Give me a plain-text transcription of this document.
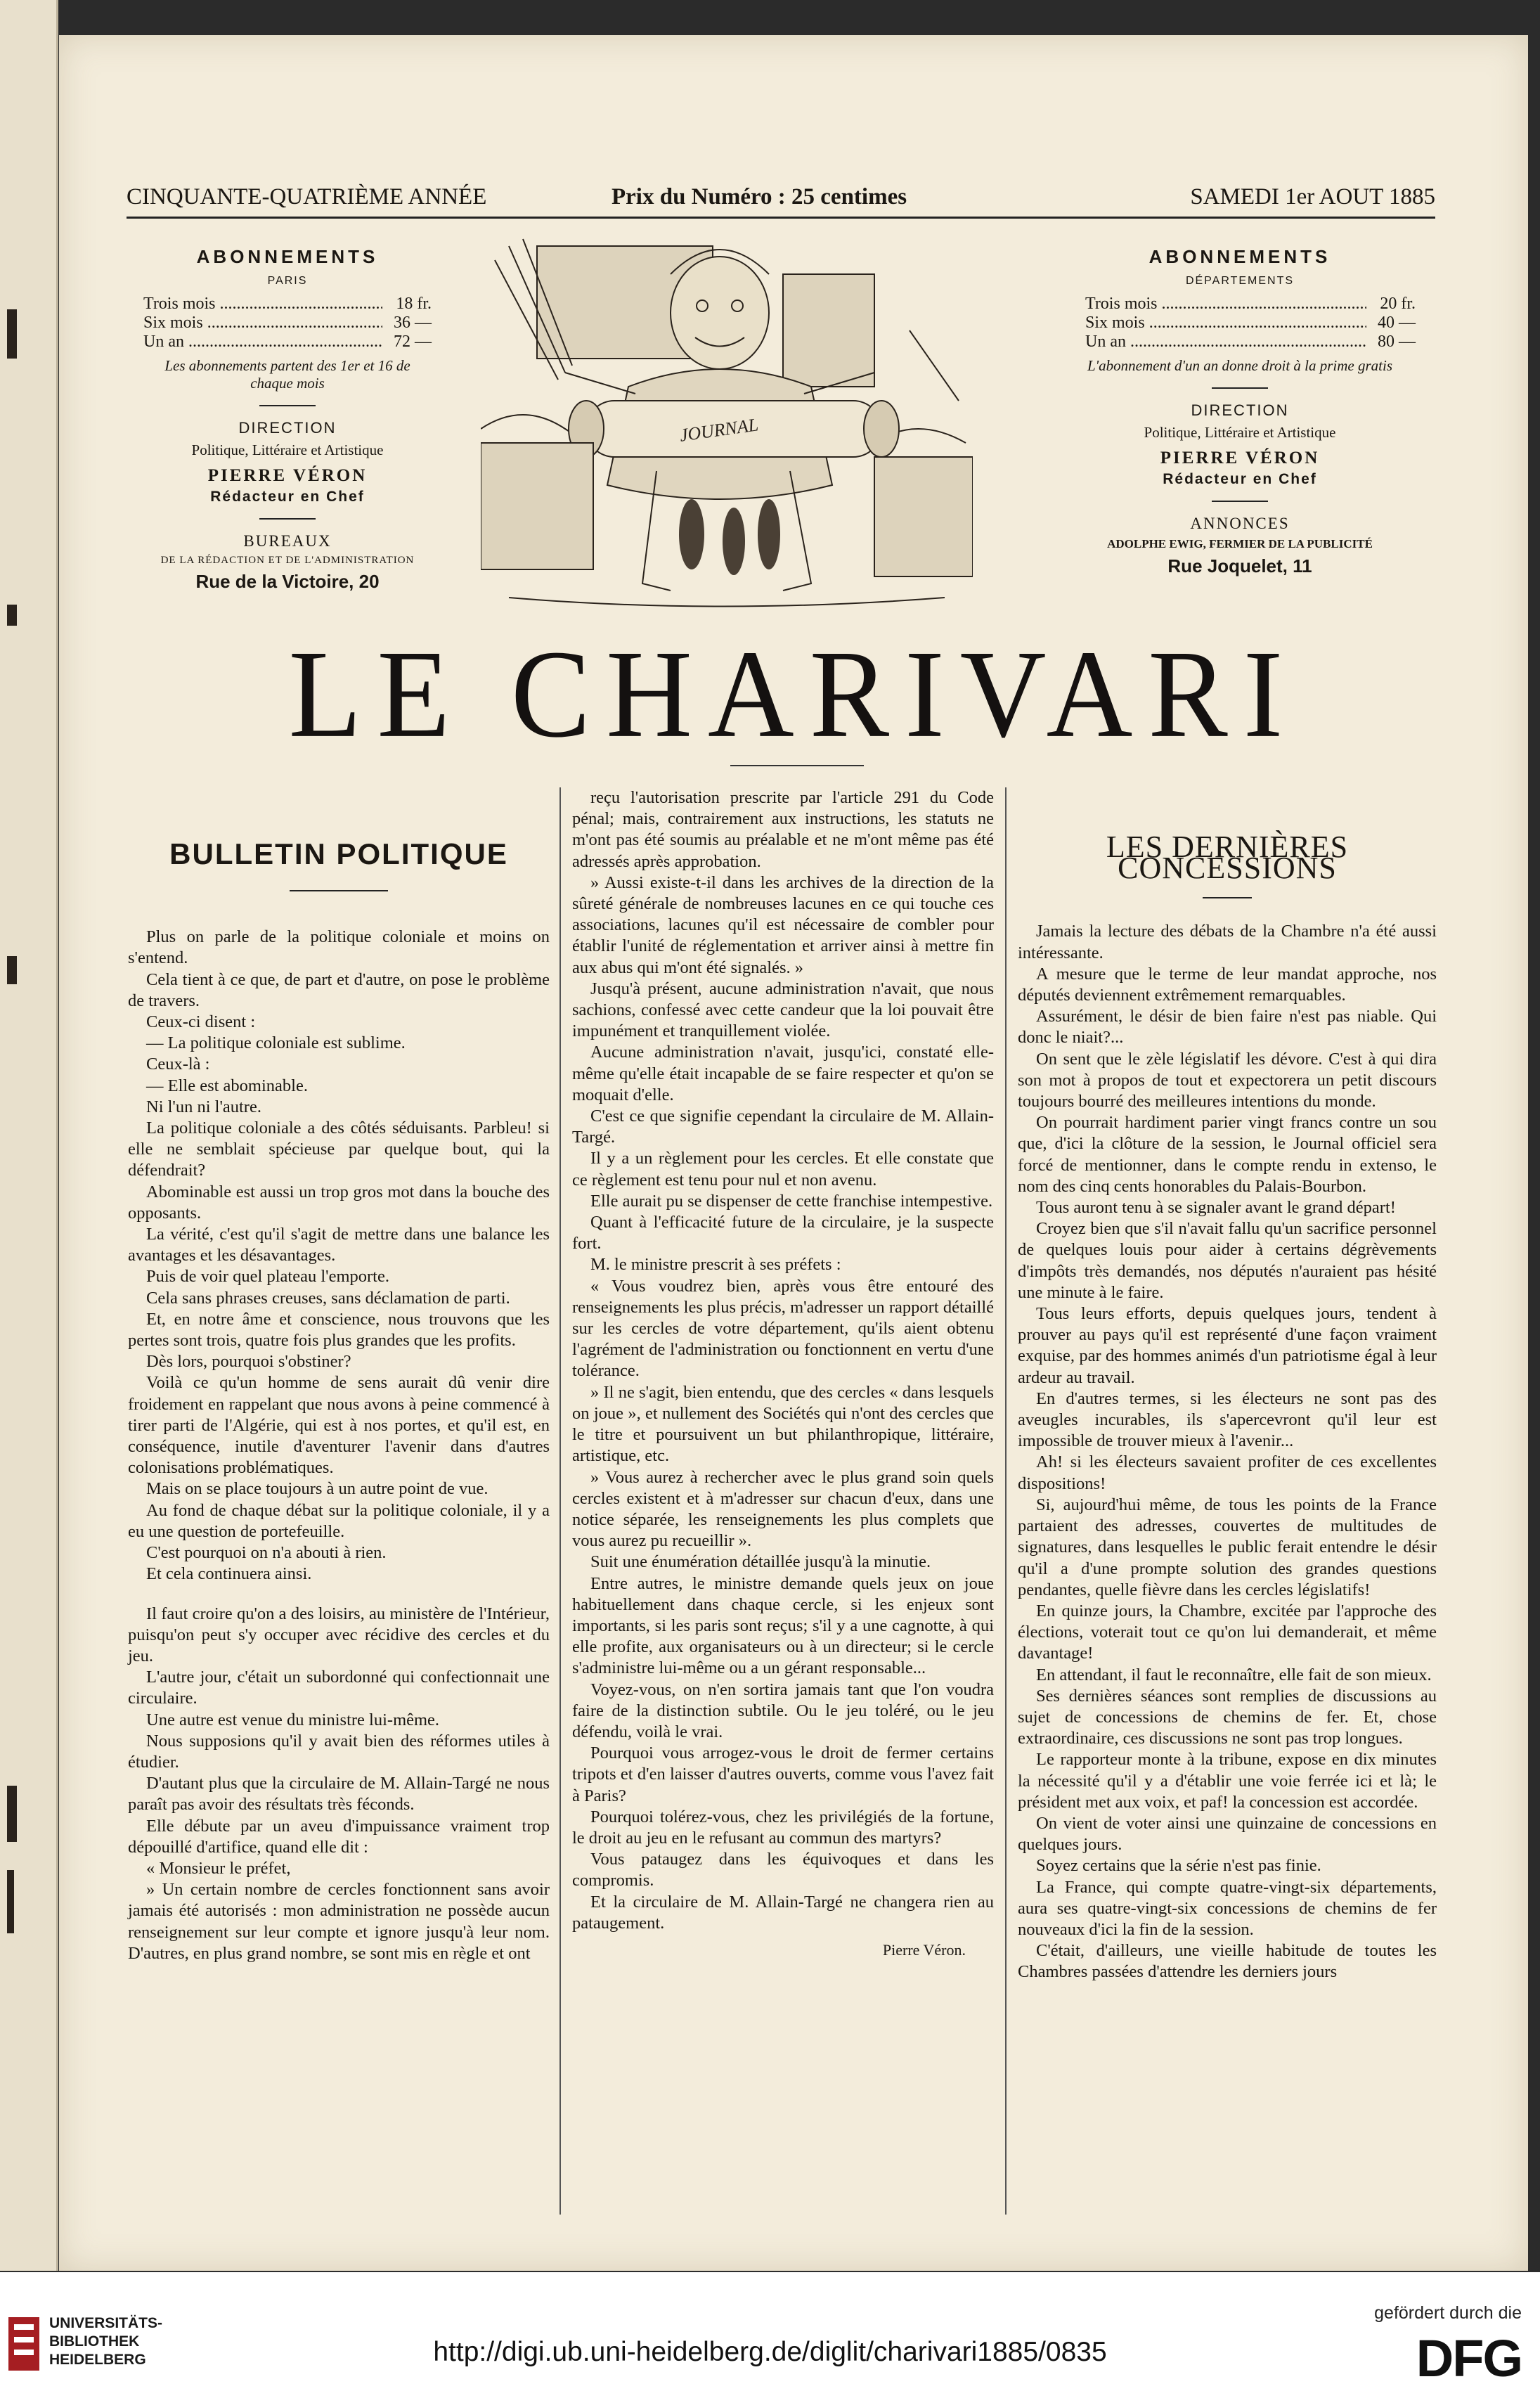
CINQUANTE-QUATRIÈME ANNÉE	Prix du Numéro : 25 centimes	SAMEDI 1er AOUT 1885
ABONNEMENTS
PARIS
Trois mois .....	18 fr.
Six mois .....	36 —
Un an .....	72 —
Les abonnements partent des 1er et 16 de chaque mois
DIRECTION
Politique, Littéraire et Artistique
PIERRE VÉRON
Rédacteur en Chef
BUREAUX
DE LA RÉDACTION ET DE L'ADMINISTRATION
Rue de la Victoire, 20
JOURNAL
ABONNEMENTS
DÉPARTEMENTS
Trois mois .....	20 fr.
Six mois .....	40 —
Un an .....	80 —
L'abonnement d'un an donne droit à la prime gratis
DIRECTION
Politique, Littéraire et Artistique
PIERRE VÉRON
Rédacteur en Chef
ANNONCES
ADOLPHE EWIG, FERMIER DE LA PUBLICITÉ
Rue Joquelet, 11
LE CHARIVARI
BULLETIN POLITIQUE

Plus on parle de la politique coloniale et moins on s'entend.

Cela tient à ce que, de part et d'autre, on pose le problème de travers.

Ceux-ci disent :

— La politique coloniale est sublime.

Ceux-là :

— Elle est abominable.

Ni l'un ni l'autre.

La politique coloniale a des côtés séduisants. Parbleu! si elle ne semblait spécieuse par quelque bout, qui la défendrait?

Abominable est aussi un trop gros mot dans la bouche des opposants.

La vérité, c'est qu'il s'agit de mettre dans une balance les avantages et les désavantages.

Puis de voir quel plateau l'emporte.

Cela sans phrases creuses, sans déclamation de parti.

Et, en notre âme et conscience, nous trouvons que les pertes sont trois, quatre fois plus grandes que les profits.

Dès lors, pourquoi s'obstiner?

Voilà ce qu'un homme de sens aurait dû venir dire froidement en rappelant que nous avons à peine commencé à tirer parti de l'Algérie, qui est à nos portes, et qu'il est, en conséquence, inutile d'aventurer l'avenir dans d'autres colonisations problématiques.

Mais on se place toujours à un autre point de vue.

Au fond de chaque débat sur la politique coloniale, il y a eu une question de portefeuille.

C'est pourquoi on n'a abouti à rien.

Et cela continuera ainsi.

Il faut croire qu'on a des loisirs, au ministère de l'Intérieur, puisqu'on peut s'y occuper avec récidive des cercles et du jeu.

L'autre jour, c'était un subordonné qui confectionnait une circulaire.

Une autre est venue du ministre lui-même.

Nous supposions qu'il y avait bien des réformes utiles à étudier.

D'autant plus que la circulaire de M. Allain-Targé ne nous paraît pas avoir des résultats très féconds.

Elle débute par un aveu d'impuissance vraiment trop dépouillé d'artifice, quand elle dit :

« Monsieur le préfet,

» Un certain nombre de cercles fonctionnent sans avoir jamais été autorisés : mon administration ne possède aucun renseignement sur leur compte et ignore jusqu'à leur nom. D'autres, en plus grand nombre, se sont mis en règle et ont

reçu l'autorisation prescrite par l'article 291 du Code pénal; mais, contrairement aux instructions, les statuts ne m'ont pas été soumis au préalable et ne m'ont même pas été adressés après approbation.

» Aussi existe-t-il dans les archives de la direction de la sûreté générale de nombreuses lacunes en ce qui touche ces associations, lacunes qu'il est nécessaire de combler pour établir l'unité de réglementation et arriver ainsi à mettre fin aux abus qui m'ont été signalés. »

Jusqu'à présent, aucune administration n'avait, que nous sachions, confessé avec cette candeur que la loi pouvait être impunément et tranquillement violée.

Aucune administration n'avait, jusqu'ici, constaté elle-même qu'elle était incapable de se faire respecter et qu'on se moquait d'elle.

C'est ce que signifie cependant la circulaire de M. Allain-Targé.

Il y a un règlement pour les cercles. Et elle constate que ce règlement est tenu pour nul et non avenu.

Elle aurait pu se dispenser de cette franchise intempestive.

Quant à l'efficacité future de la circulaire, je la suspecte fort.

M. le ministre prescrit à ses préfets :

« Vous voudrez bien, après vous être entouré des renseignements les plus précis, m'adresser un rapport détaillé sur les cercles de votre département, qu'ils aient obtenu l'agrément de l'administration ou fonctionnent en vertu d'une tolérance.

» Il ne s'agit, bien entendu, que des cercles « dans lesquels on joue », et nullement des Sociétés qui n'ont des cercles que le titre et poursuivent un but philanthropique, littéraire, artistique, etc.

» Vous aurez à rechercher avec le plus grand soin quels cercles existent et à m'adresser sur chacun d'eux, dans une notice séparée, les renseignements les plus complets que vous aurez pu recueillir ».

Suit une énumération détaillée jusqu'à la minutie.

Entre autres, le ministre demande quels jeux on joue habituellement dans chaque cercle, si les enjeux sont importants, si les paris sont reçus; s'il y a une cagnotte, à qui elle profite, aux organisateurs ou à un directeur; si le cercle s'administre lui-même ou a un gérant responsable...

Voyez-vous, on n'en sortira jamais tant que l'on voudra faire de la distinction subtile. Ou le jeu toléré, ou le jeu défendu, voilà le vrai.

Pourquoi vous arrogez-vous le droit de fermer certains tripots et d'en laisser d'autres ouverts, comme vous l'avez fait à Paris?

Pourquoi tolérez-vous, chez les privilégiés de la fortune, le droit au jeu en le refusant au commun des martyrs?

Vous pataugez dans les équivoques et dans les compromis.

Et la circulaire de M. Allain-Targé ne changera rien au pataugement.

Pierre Véron.
LES DERNIÈRES CONCESSIONS

Jamais la lecture des débats de la Chambre n'a été aussi intéressante.

A mesure que le terme de leur mandat approche, nos députés deviennent extrêmement remarquables.

Assurément, le désir de bien faire n'est pas niable. Qui donc le niait?...

On sent que le zèle législatif les dévore. C'est à qui dira son mot à propos de tout et expectorera un petit discours toujours bourré des meilleures intentions du monde.

On pourrait hardiment parier vingt francs contre un sou que, d'ici la clôture de la session, le Journal officiel sera forcé de mentionner, dans le compte rendu in extenso, le nom des cinq cents honorables du Palais-Bourbon.

Tous auront tenu à se signaler avant le grand départ!

Croyez bien que s'il n'avait fallu qu'un sacrifice personnel de quelques louis pour aider à certains dégrèvements d'impôts très demandés, nos députés n'auraient pas hésité une minute à le faire.

Tous leurs efforts, depuis quelques jours, tendent à prouver au pays qu'il est représenté d'une façon vraiment exquise, par des hommes animés d'un patriotisme égal à leur ardeur au travail.

En d'autres termes, si les électeurs ne sont pas des aveugles incurables, ils s'apercevront qu'il leur est impossible de trouver mieux à l'avenir...

Ah! si les électeurs savaient profiter de ces excellentes dispositions!

Si, aujourd'hui même, de tous les points de la France partaient des adresses, couvertes de multitudes de signatures, dans lesquelles le public ferait entendre le désir qu'il a d'une prompte solution des grandes questions pendantes, quelle fièvre dans les cercles législatifs!

En quinze jours, la Chambre, excitée par l'approche des élections, voterait tout ce qu'on lui demanderait, et même davantage!

En attendant, il faut le reconnaître, elle fait de son mieux.

Ses dernières séances sont remplies de discussions au sujet de concessions de chemins de fer. Et, chose extraordinaire, ces discussions ne sont pas trop longues.

Le rapporteur monte à la tribune, expose en dix minutes la nécessité qu'il y a d'établir une voie ferrée ici et là; le président met aux voix, et paf! la concession est accordée.

On vient de voter ainsi une quinzaine de concessions en quelques jours.

Soyez certains que la série n'est pas finie.

La France, qui compte quatre-vingt-six départements, aura ses quatre-vingt-six concessions de chemins de fer nouveaux d'ici la fin de la session.

C'était, d'ailleurs, une vieille habitude de toutes les Chambres passées d'attendre les derniers jours

UNIVERSITÄTS-
BIBLIOTHEK
HEIDELBERG	http://digi.ub.uni-heidelberg.de/diglit/charivari1885/0835
gefördert durch die
DFG
